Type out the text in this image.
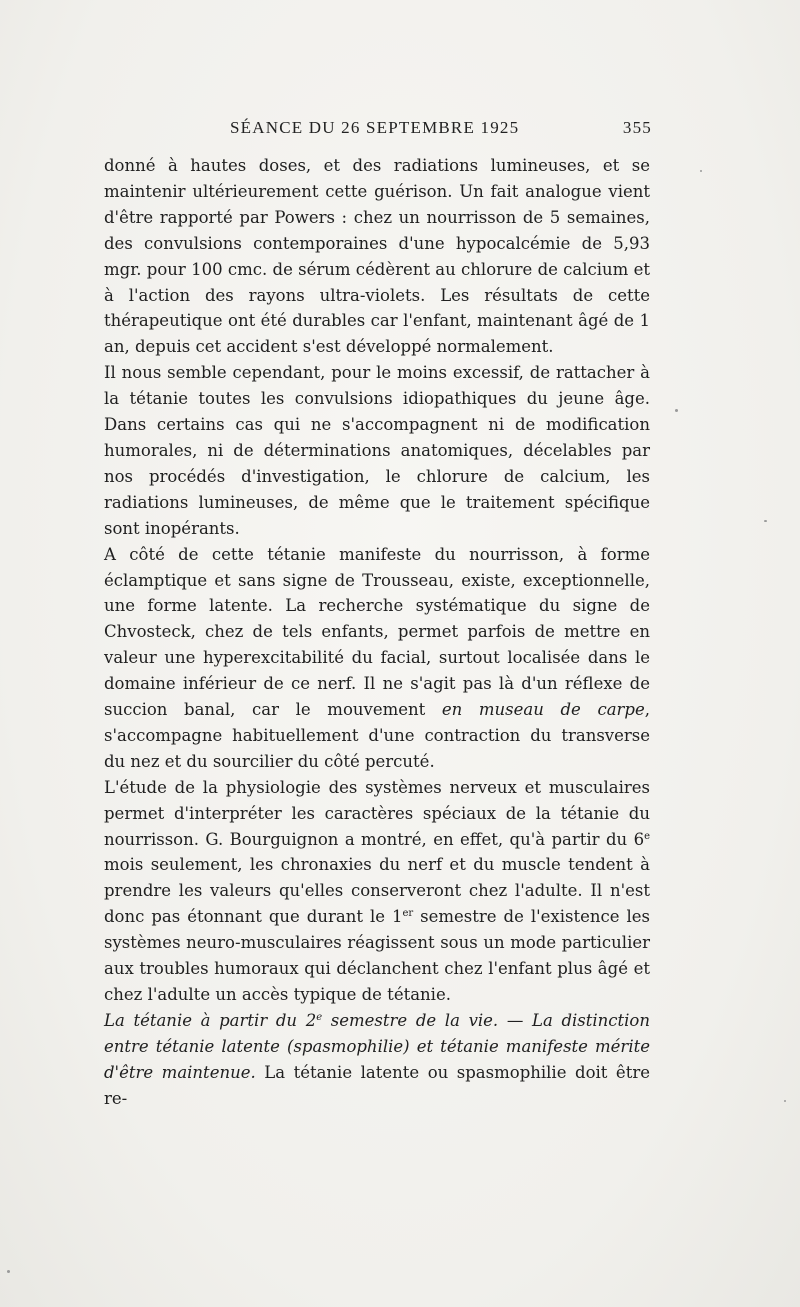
SÉANCE DU 26 SEPTEMBRE 1925	355

donné à hautes doses, et des radiations lumineuses, et se maintenir ultérieurement cette guérison. Un fait analogue vient d'être rapporté par Powers : chez un nourrisson de 5 semaines, des convulsions contemporaines d'une hypocalcémie de 5,93 mgr. pour 100 cmc. de sérum cédèrent au chlorure de calcium et à l'action des rayons ultra-violets. Les résultats de cette thérapeutique ont été durables car l'enfant, maintenant âgé de 1 an, depuis cet accident s'est développé normalement.

Il nous semble cependant, pour le moins excessif, de rattacher à la tétanie toutes les convulsions idiopathiques du jeune âge. Dans certains cas qui ne s'accompagnent ni de modification humorales, ni de déterminations anatomiques, décelables par nos procédés d'investigation, le chlorure de calcium, les radiations lumineuses, de même que le traitement spécifique sont inopérants.

A côté de cette tétanie manifeste du nourrisson, à forme éclamptique et sans signe de Trousseau, existe, exceptionnelle, une forme latente. La recherche systématique du signe de Chvosteck, chez de tels enfants, permet parfois de mettre en valeur une hyperexcitabilité du facial, surtout localisée dans le domaine inférieur de ce nerf. Il ne s'agit pas là d'un réflexe de succion banal, car le mouvement en museau de carpe, s'accompagne habituellement d'une contraction du transverse du nez et du sourcilier du côté percuté.

L'étude de la physiologie des systèmes nerveux et musculaires permet d'interpréter les caractères spéciaux de la tétanie du nourrisson. G. Bourguignon a montré, en effet, qu'à partir du 6e mois seulement, les chronaxies du nerf et du muscle tendent à prendre les valeurs qu'elles conserveront chez l'adulte. Il n'est donc pas étonnant que durant le 1er semestre de l'existence les systèmes neuro-musculaires réagissent sous un mode particulier aux troubles humoraux qui déclanchent chez l'enfant plus âgé et chez l'adulte un accès typique de tétanie.

La tétanie à partir du 2e semestre de la vie. — La distinction entre tétanie latente (spasmophilie) et tétanie manifeste mérite d'être maintenue. La tétanie latente ou spasmophilie doit être re-
